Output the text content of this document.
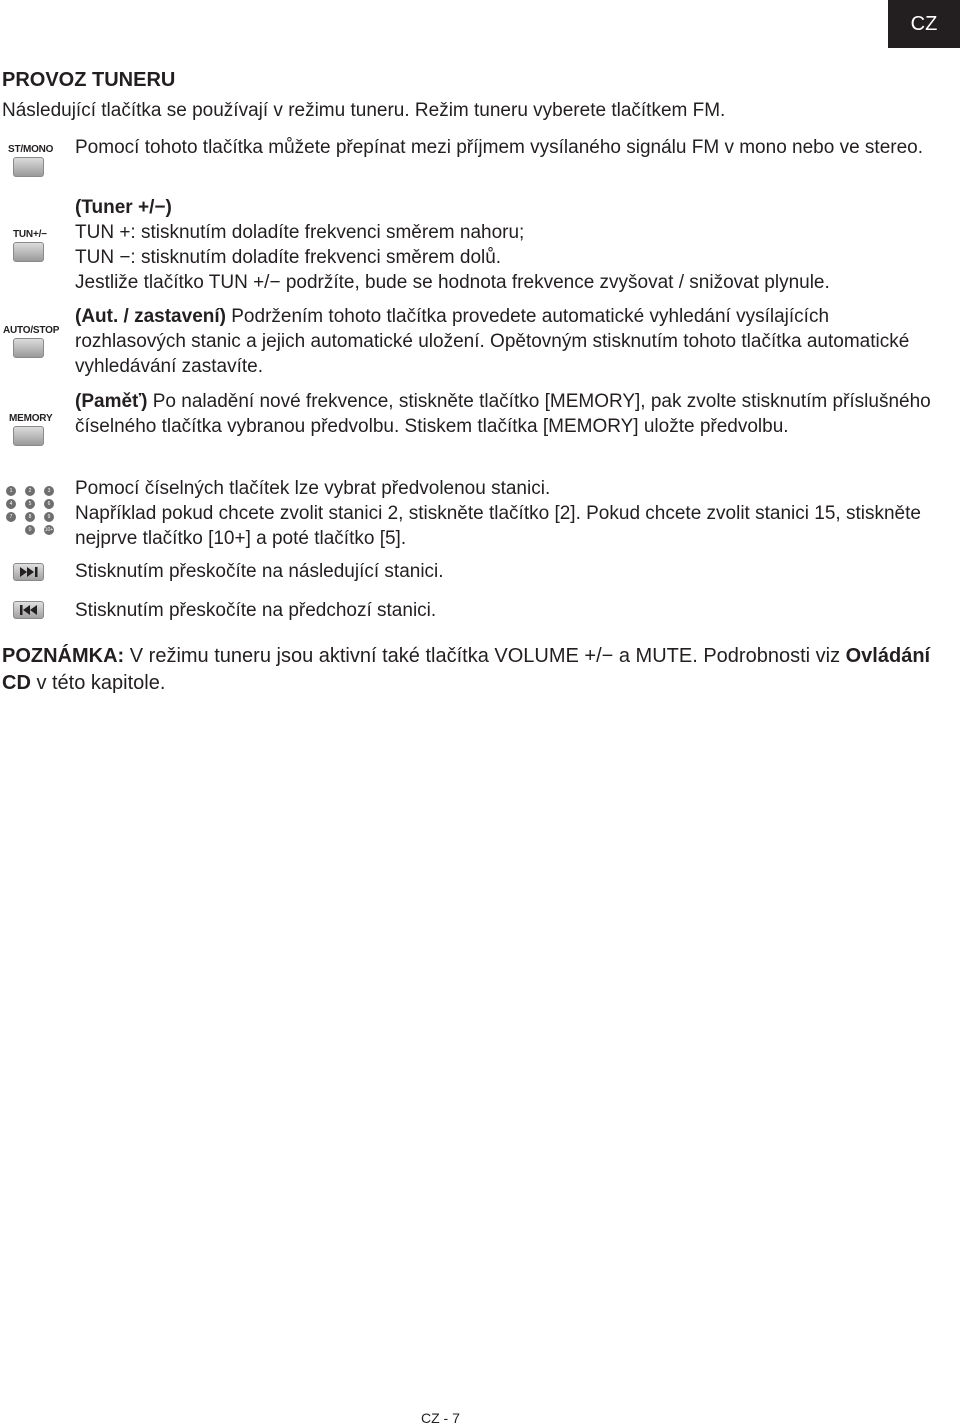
CZ
PROVOZ TUNERU
Následující tlačítka se používají v režimu tuneru. Režim tuneru vyberete tlačítkem FM.
ST/MONO Pomocí tohoto tlačítka můžete přepínat mezi příjmem vysílaného signálu FM v mono nebo ve stereo.

TUN+/−

(Tuner +/−)

TUN +: stisknutím doladíte frekvenci směrem nahoru;

TUN −: stisknutím doladíte frekvenci směrem dolů.

Jestliže tlačítko TUN +/− podržíte, bude se hodnota frekvence zvyšovat / snižovat plynule.

AUTO/STOP

(Aut. / zastavení) Podržením tohoto tlačítka provedete automatické vyhledání vysílajících rozhlasových stanic a jejich automatické uložení. Opětovným stisknutím tohoto tlačítka automatické vyhledávání zastavíte.

MEMORY

(Paměť) Po naladění nové frekvence, stiskněte tlačítko [MEMORY], pak zvolte stisknutím příslušného číselného tlačítka vybranou předvolbu. Stiskem tlačítka [MEMORY] uložte předvolbu.

1	2	3
4	5	6
7	8	9
0	10+

Pomocí číselných tlačítek lze vybrat předvolenou stanici.

Například pokud chcete zvolit stanici 2, stiskněte tlačítko [2]. Pokud chcete zvolit stanici 15, stiskněte nejprve tlačítko [10+] a poté tlačítko [5].

Stisknutím přeskočíte na následující stanici.

Stisknutím přeskočíte na předchozí stanici.

POZNÁMKA: V režimu tuneru jsou aktivní také tlačítka VOLUME +/− a MUTE. Podrobnosti viz Ovládání CD v této kapitole.
CZ - 7
